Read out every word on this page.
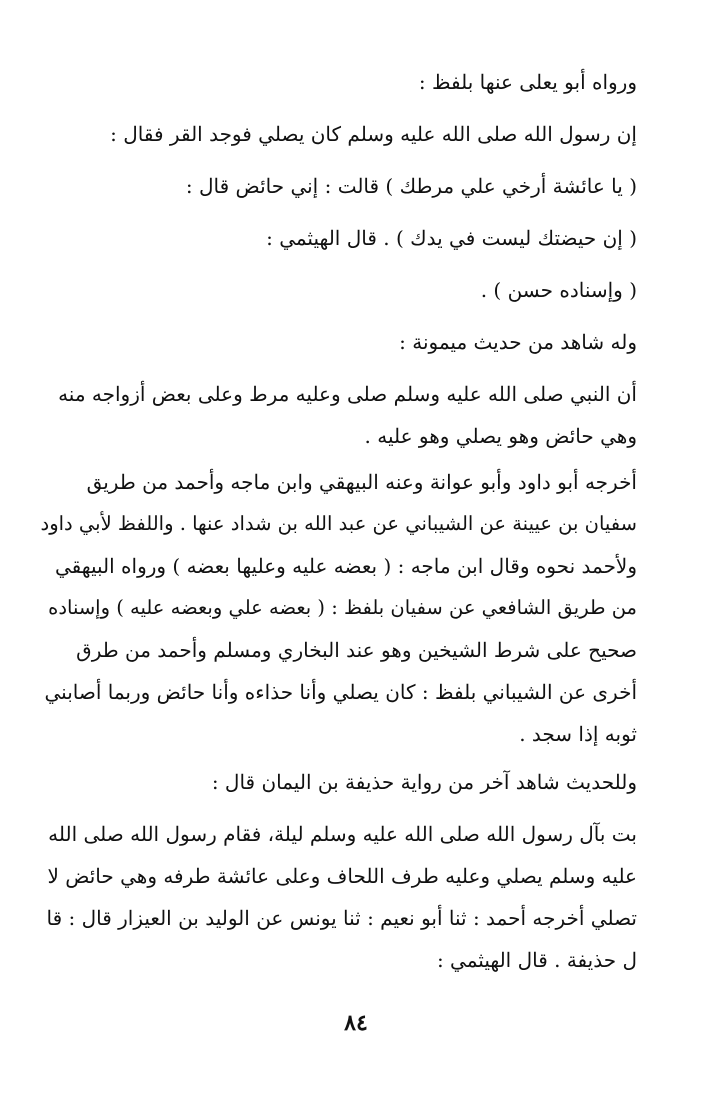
ورواه أبو يعلى عنها بلفظ :
إن رسول الله صلى الله عليه وسلم كان يصلي فوجد القر فقال :
( يا عائشة أرخي علي مرطك ) قالت : إني حائض قال :
( إن حيضتك ليست في يدك ) . قال الهيثمي :
( وإسناده حسن ) .
وله شاهد من حديث ميمونة :
أن النبي صلى الله عليه وسلم صلى وعليه مرط وعلى بعض أزواجه منه
وهي حائض وهو يصلي وهو عليه .
أخرجه أبو داود وأبو عوانة وعنه البيهقي وابن ماجه وأحمد من طريق
سفيان بن عيينة عن الشيباني عن عبد الله بن شداد عنها . واللفظ لأبي داود
ولأحمد نحوه وقال ابن ماجه : ( بعضه عليه وعليها بعضه ) ورواه البيهقي
من طريق الشافعي عن سفيان بلفظ : ( بعضه علي وبعضه عليه ) وإسناده
صحيح على شرط الشيخين وهو عند البخاري ومسلم وأحمد من طرق
أخرى عن الشيباني بلفظ : كان يصلي وأنا حذاءه وأنا حائض وربما أصابني
ثوبه إذا سجد .
وللحديث شاهد آخر من رواية حذيفة بن اليمان قال :
بت بآل رسول الله صلى الله عليه وسلم ليلة، فقام رسول الله صلى الله
عليه وسلم يصلي وعليه طرف اللحاف وعلى عائشة طرفه وهي حائض لا
تصلي أخرجه أحمد : ثنا أبو نعيم : ثنا يونس عن الوليد بن العيزار قال : قا
ل حذيفة . قال الهيثمي :
٨٤
